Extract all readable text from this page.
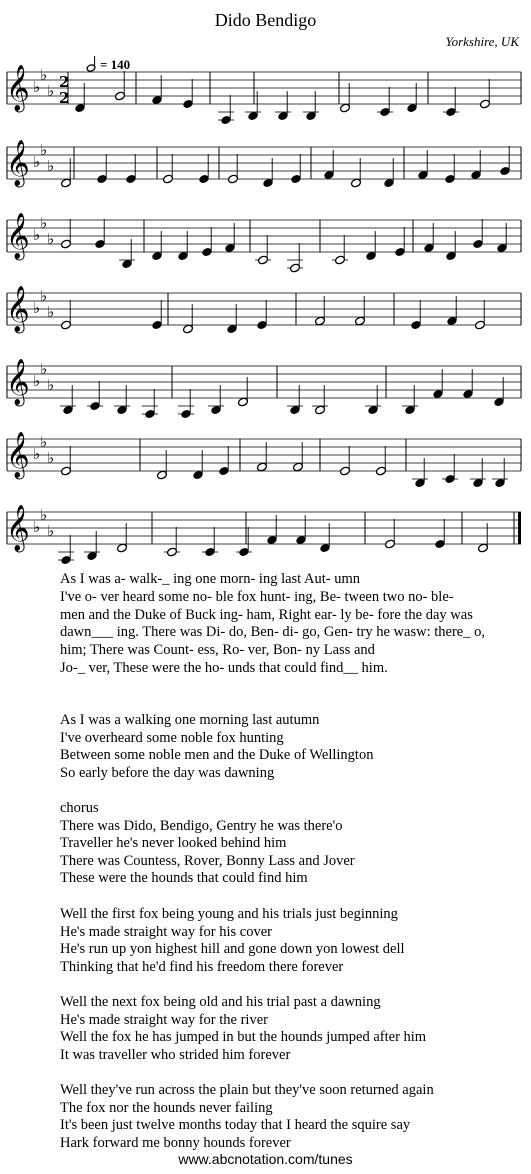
Dido Bendigo
Yorkshire, UK
= 140
𝄞 ♭
♭
♭ 2
2
𝄞 ♭
♭
♭
𝄞 ♭
♭
♭
𝄞 ♭
♭
♭
𝄞 ♭
♭
♭
𝄞 ♭
♭
♭
𝄞 ♭
♭
♭
As I was a- walk-_ ing one morn- ing last Aut- umn
I've o- ver heard some no- ble fox hunt- ing, Be- tween two no- ble-
men and the Duke of Buck ing- ham, Right ear- ly be- fore the day was
dawn___ ing. There was Di- do, Ben- di- go, Gen- try he wasw: there_ o,
him; There was Count- ess, Ro- ver, Bon- ny Lass and
Jo-_ ver, These were the ho- unds that could find__ him.
As I was a walking one morning last autumn
I've overheard some noble fox hunting
Between some noble men and the Duke of Wellington
So early before the day was dawning
chorus
There was Dido, Bendigo, Gentry he was there'o
Traveller he's never looked behind him
There was Countess, Rover, Bonny Lass and Jover
These were the hounds that could find him
Well the first fox being young and his trials just beginning
He's made straight way for his cover
He's run up yon highest hill and gone down yon lowest dell
Thinking that he'd find his freedom there forever
Well the next fox being old and his trial past a dawning
He's made straight way for the river
Well the fox he has jumped in but the hounds jumped after him
It was traveller who strided him forever
Well they've run across the plain but they've soon returned again
The fox nor the hounds never failing
It's been just twelve months today that I heard the squire say
Hark forward me bonny hounds forever
www.abcnotation.com/tunes
